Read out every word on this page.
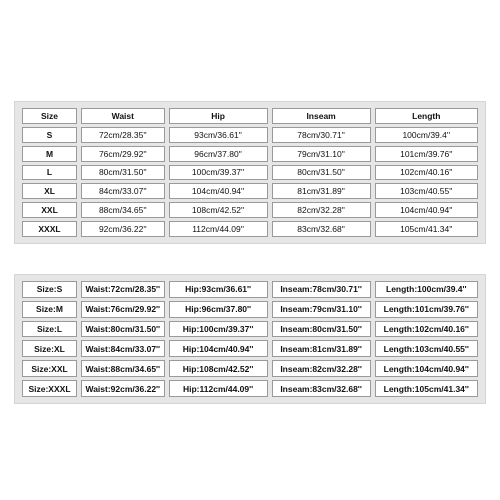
Size	Waist	Hip	Inseam	Length
S	72cm/28.35''	93cm/36.61''	78cm/30.71''	100cm/39.4''
M	76cm/29.92''	96cm/37.80''	79cm/31.10''	101cm/39.76''
L	80cm/31.50''	100cm/39.37''	80cm/31.50''	102cm/40.16''
XL	84cm/33.07''	104cm/40.94''	81cm/31.89''	103cm/40.55''
XXL	88cm/34.65''	108cm/42.52''	82cm/32.28''	104cm/40.94''
XXXL	92cm/36.22''	112cm/44.09''	83cm/32.68''	105cm/41.34''
Size:S	Waist:72cm/28.35''	Hip:93cm/36.61''	Inseam:78cm/30.71''	Length:100cm/39.4''
Size:M	Waist:76cm/29.92''	Hip:96cm/37.80''	Inseam:79cm/31.10''	Length:101cm/39.76''
Size:L	Waist:80cm/31.50''	Hip:100cm/39.37''	Inseam:80cm/31.50''	Length:102cm/40.16''
Size:XL	Waist:84cm/33.07''	Hip:104cm/40.94''	Inseam:81cm/31.89''	Length:103cm/40.55''
Size:XXL	Waist:88cm/34.65''	Hip:108cm/42.52''	Inseam:82cm/32.28''	Length:104cm/40.94''
Size:XXXL	Waist:92cm/36.22''	Hip:112cm/44.09''	Inseam:83cm/32.68''	Length:105cm/41.34''
